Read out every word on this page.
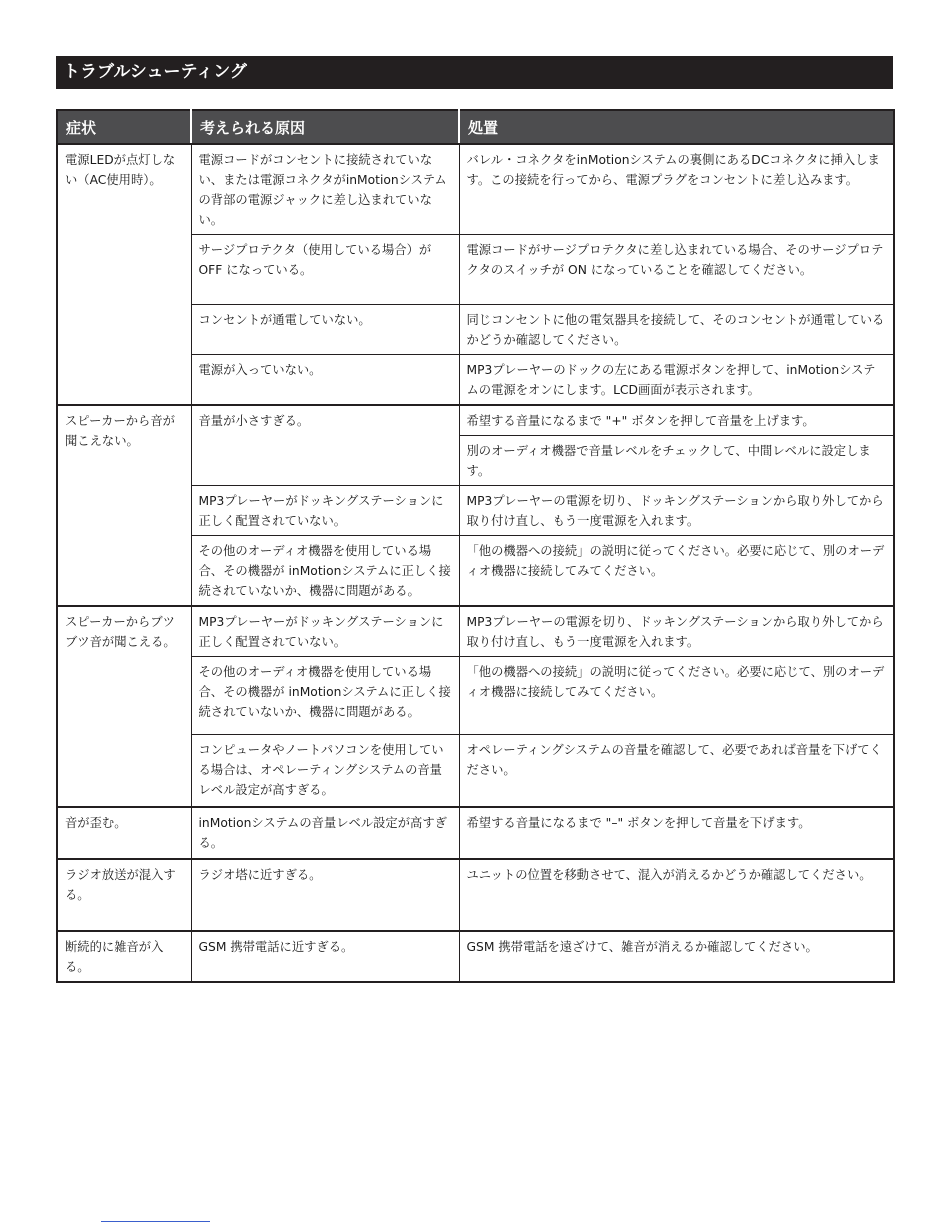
トラブルシューティング
症状	考えられる原因	処置
電源LEDが点灯しない（AC使用時）。	電源コードがコンセントに接続されていない、または電源コネクタがinMotionシステムの背部の電源ジャックに差し込まれていない。	バレル・コネクタをinMotionシステムの裏側にあるDCコネクタに挿入します。この接続を行ってから、電源プラグをコンセントに差し込みます。
	サージプロテクタ（使用している場合）が OFF になっている。	電源コードがサージプロテクタに差し込まれている場合、そのサージプロテクタのスイッチが ON になっていることを確認してください。
	コンセントが通電していない。	同じコンセントに他の電気器具を接続して、そのコンセントが通電しているかどうか確認してください。
	電源が入っていない。	MP3プレーヤーのドックの左にある電源ボタンを押して、inMotionシステムの電源をオンにします。LCD画面が表示されます。
スピーカーから音が聞こえない。	音量が小さすぎる。	希望する音量になるまで "+" ボタンを押して音量を上げます。
		別のオーディオ機器で音量レベルをチェックして、中間レベルに設定します。
	MP3プレーヤーがドッキングステーションに正しく配置されていない。	MP3プレーヤーの電源を切り、ドッキングステーションから取り外してから取り付け直し、もう一度電源を入れます。
	その他のオーディオ機器を使用している場合、その機器が inMotionシステムに正しく接続されていないか、機器に問題がある。	「他の機器への接続」の説明に従ってください。必要に応じて、別のオーディオ機器に接続してみてください。
スピーカーからブツブツ音が聞こえる。	MP3プレーヤーがドッキングステーションに正しく配置されていない。	MP3プレーヤーの電源を切り、ドッキングステーションから取り外してから取り付け直し、もう一度電源を入れます。
	その他のオーディオ機器を使用している場合、その機器が inMotionシステムに正しく接続されていないか、機器に問題がある。	「他の機器への接続」の説明に従ってください。必要に応じて、別のオーディオ機器に接続してみてください。
	コンピュータやノートパソコンを使用している場合は、オペレーティングシステムの音量レベル設定が高すぎる。	オペレーティングシステムの音量を確認して、必要であれば音量を下げてください。
音が歪む。	inMotionシステムの音量レベル設定が高すぎる。	希望する音量になるまで "–" ボタンを押して音量を下げます。
ラジオ放送が混入する。	ラジオ塔に近すぎる。	ユニットの位置を移動させて、混入が消えるかどうか確認してください。
断続的に雑音が入る。	GSM 携帯電話に近すぎる。	GSM 携帯電話を遠ざけて、雑音が消えるか確認してください。
